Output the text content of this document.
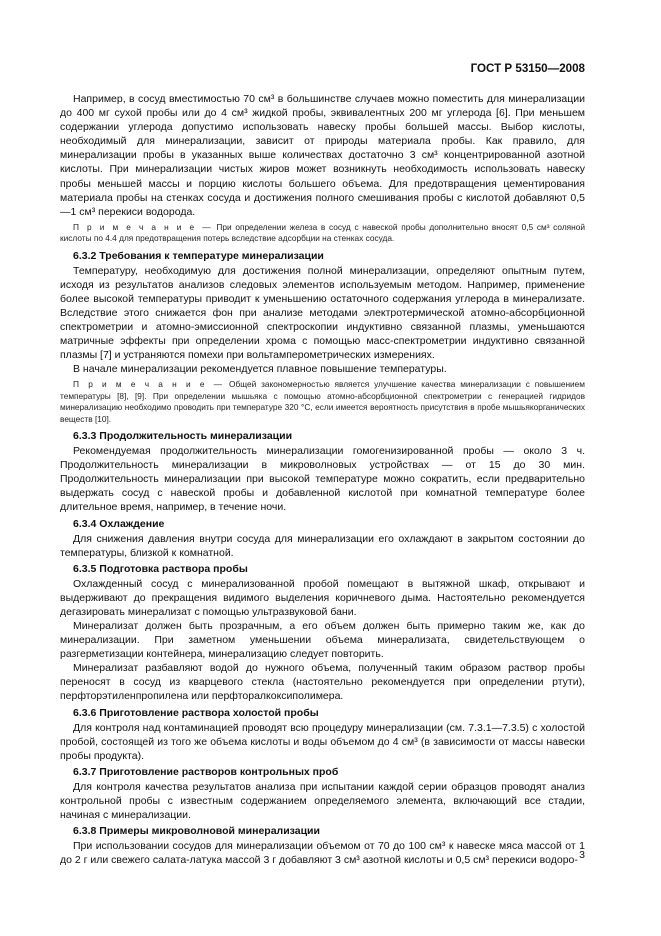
ГОСТ Р 53150—2008

Например, в сосуд вместимостью 70 см³ в большинстве случаев можно поместить для минерализации до 400 мг сухой пробы или до 4 см³ жидкой пробы, эквивалентных 200 мг углерода [6]. При меньшем содержании углерода допустимо использовать навеску пробы большей массы. Выбор кислоты, необходимый для минерализации, зависит от природы материала пробы. Как правило, для минерализации пробы в указанных выше количествах достаточно 3 см³ концентрированной азотной кислоты. При минерализации чистых жиров может возникнуть необходимость использовать навеску пробы меньшей массы и порцию кислоты большего объема. Для предотвращения цементирования материала пробы на стенках сосуда и достижения полного смешивания пробы с кислотой добавляют 0,5—1 см³ перекиси водорода.

П р и м е ч а н и е — При определении железа в сосуд с навеской пробы дополнительно вносят 0,5 см³ соляной кислоты по 4.4 для предотвращения потерь вследствие адсорбции на стенках сосуда.

6.3.2 Требования к температуре минерализации

Температуру, необходимую для достижения полной минерализации, определяют опытным путем, исходя из результатов анализов следовых элементов используемым методом. Например, применение более высокой температуры приводит к уменьшению остаточного содержания углерода в минерализате. Вследствие этого снижается фон при анализе методами электротермической атомно-абсорбционной спектрометрии и атомно-эмиссионной спектроскопии индуктивно связанной плазмы, уменьшаются матричные эффекты при определении хрома с помощью масс-спектрометрии индуктивно связанной плазмы [7] и устраняются помехи при вольтамперометрических измерениях.

В начале минерализации рекомендуется плавное повышение температуры.

П р и м е ч а н и е — Общей закономерностью является улучшение качества минерализации с повышением температуры [8], [9]. При определении мышьяка с помощью атомно-абсорбционной спектрометрии с генерацией гидридов минерализацию необходимо проводить при температуре 320 °С, если имеется вероятность присутствия в пробе мышьякорганических веществ [10].

6.3.3 Продолжительность минерализации

Рекомендуемая продолжительность минерализации гомогенизированной пробы — около 3 ч. Продолжительность минерализации в микроволновых устройствах — от 15 до 30 мин. Продолжительность минерализации при высокой температуре можно сократить, если предварительно выдержать сосуд с навеской пробы и добавленной кислотой при комнатной температуре более длительное время, например, в течение ночи.

6.3.4 Охлаждение

Для снижения давления внутри сосуда для минерализации его охлаждают в закрытом состоянии до температуры, близкой к комнатной.

6.3.5 Подготовка раствора пробы

Охлажденный сосуд с минерализованной пробой помещают в вытяжной шкаф, открывают и выдерживают до прекращения видимого выделения коричневого дыма. Настоятельно рекомендуется дегазировать минерализат с помощью ультразвуковой бани.

Минерализат должен быть прозрачным, а его объем должен быть примерно таким же, как до минерализации. При заметном уменьшении объема минерализата, свидетельствующем о разгерметизации контейнера, минерализацию следует повторить.

Минерализат разбавляют водой до нужного объема, полученный таким образом раствор пробы переносят в сосуд из кварцевого стекла (настоятельно рекомендуется при определении ртути), перфторэтиленпропилена или перфторалкоксиполимера.

6.3.6 Приготовление раствора холостой пробы

Для контроля над контаминацией проводят всю процедуру минерализации (см. 7.3.1—7.3.5) с холостой пробой, состоящей из того же объема кислоты и воды объемом до 4 см³ (в зависимости от массы навески пробы продукта).

6.3.7 Приготовление растворов контрольных проб

Для контроля качества результатов анализа при испытании каждой серии образцов проводят анализ контрольной пробы с известным содержанием определяемого элемента, включающий все стадии, начиная с минерализации.

6.3.8 Примеры микроволновой минерализации

При использовании сосудов для минерализации объемом от 70 до 100 см³ к навеске мяса массой от 1 до 2 г или свежего салата-латука массой 3 г добавляют 3 см³ азотной кислоты и 0,5 см³ перекиси водоро- 3
